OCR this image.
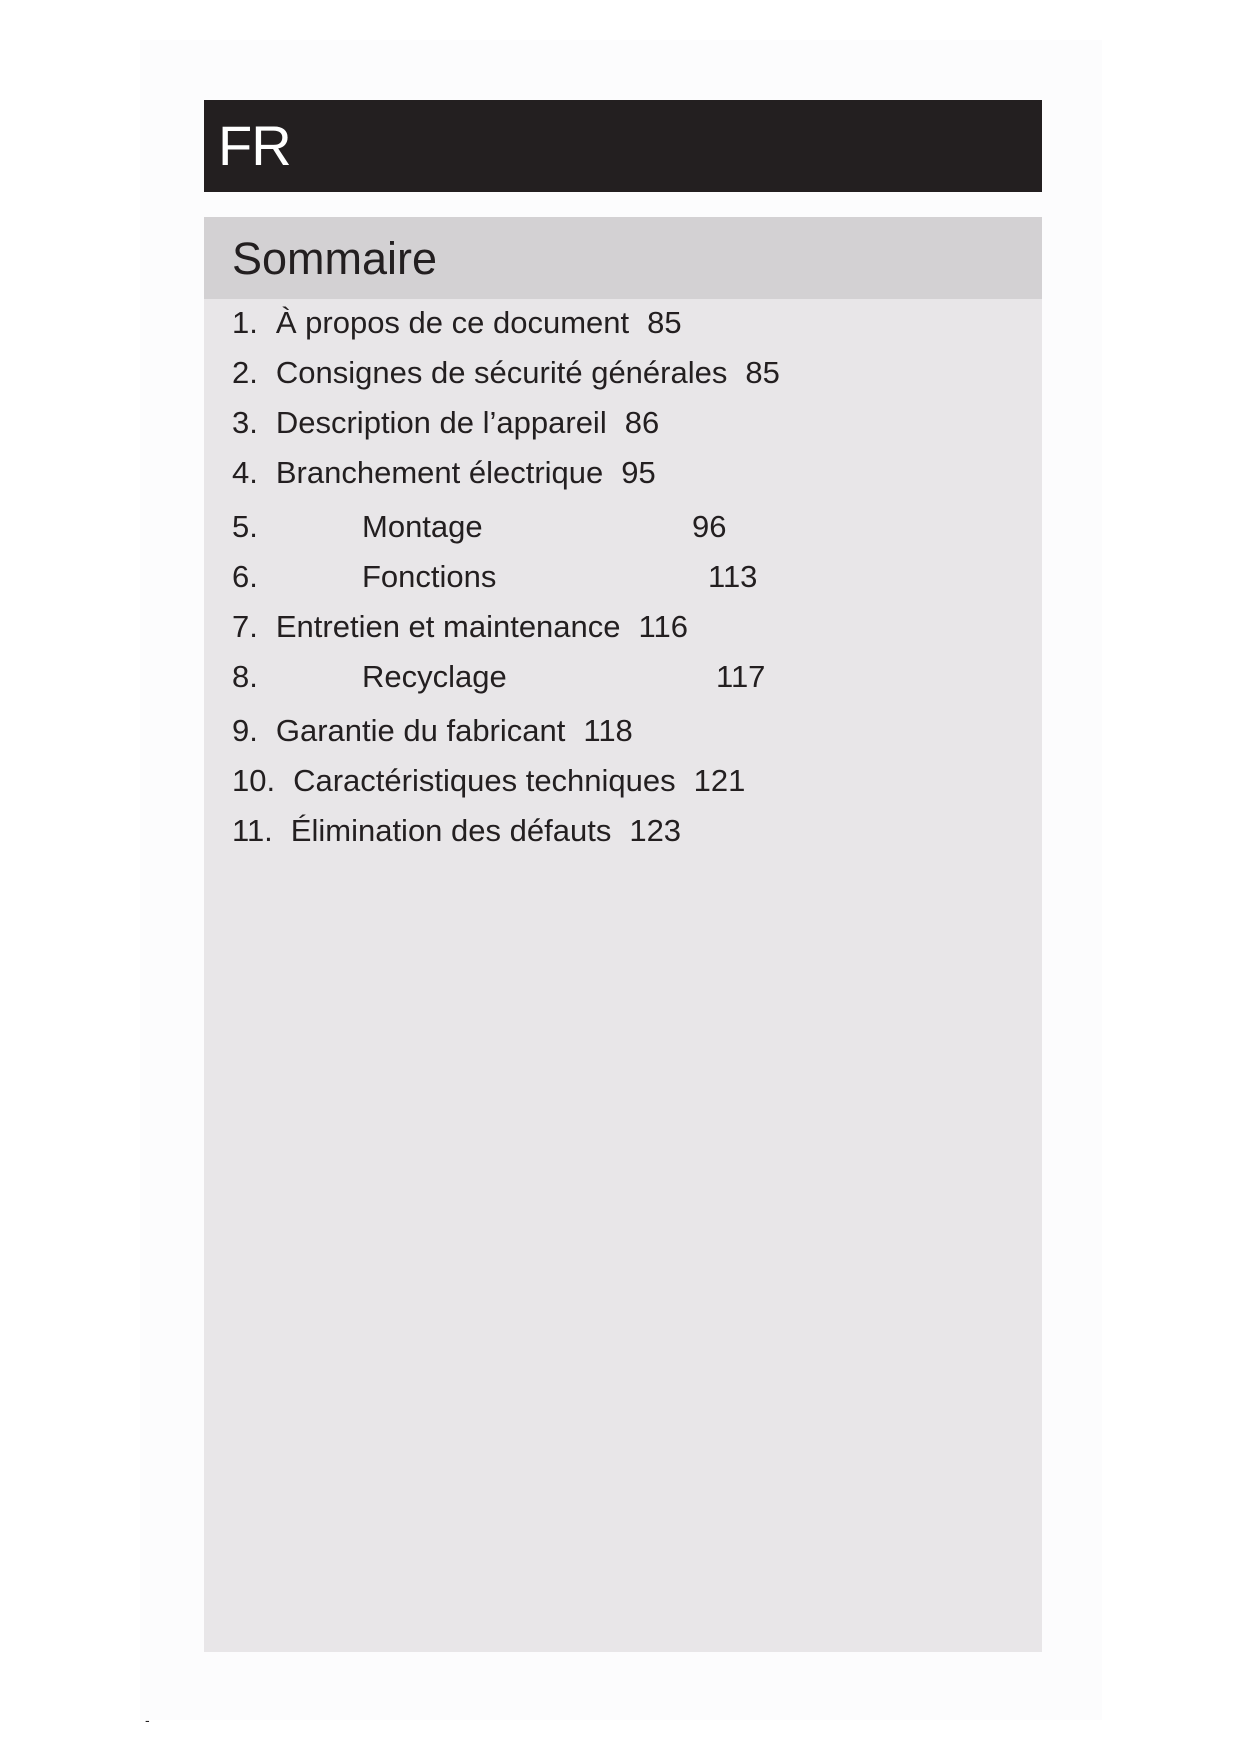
FR
Sommaire
1. À propos de ce document 85
2. Consignes de sécurité générales 85
3. Description de l’appareil 86
4. Branchement électrique 95
5.	Montage	96
6.	Fonctions	113
7. Entretien et maintenance 116
8.	Recyclage	117
9. Garantie du fabricant 118
10. Caractéristiques techniques 121
11. Élimination des défauts 123
-
